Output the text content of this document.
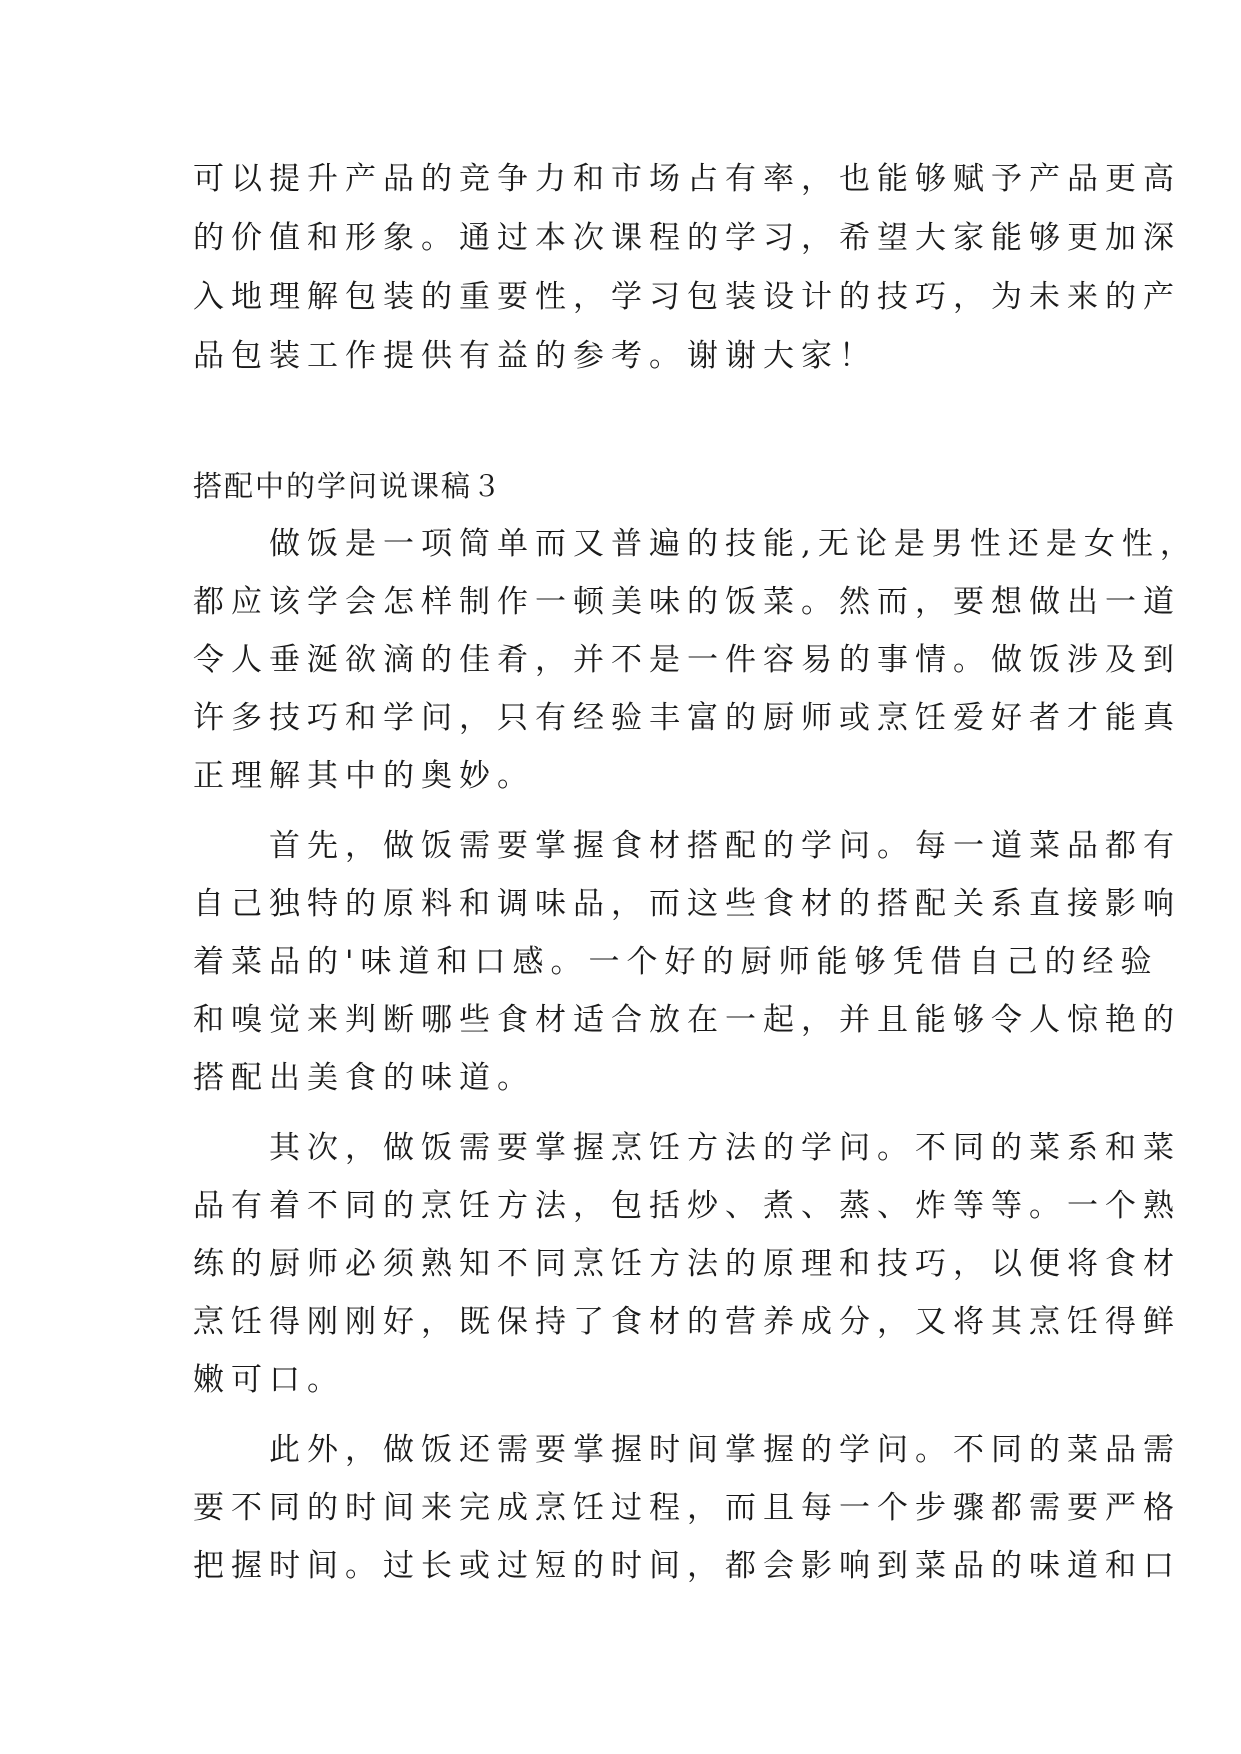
可以提升产品的竞争力和市场占有率，也能够赋予产品更高
的价值和形象。通过本次课程的学习，希望大家能够更加深
入地理解包装的重要性，学习包装设计的技巧，为未来的产
品包装工作提供有益的参考。谢谢大家！
搭配中的学问说课稿３
　　做饭是一项简单而又普遍的技能,无论是男性还是女性，
都应该学会怎样制作一顿美味的饭菜。然而，要想做出一道
令人垂涎欲滴的佳肴，并不是一件容易的事情。做饭涉及到
许多技巧和学问，只有经验丰富的厨师或烹饪爱好者才能真
正理解其中的奥妙。
　　首先，做饭需要掌握食材搭配的学问。每一道菜品都有
自己独特的原料和调味品，而这些食材的搭配关系直接影响
着菜品的'味道和口感。一个好的厨师能够凭借自己的经验
和嗅觉来判断哪些食材适合放在一起，并且能够令人惊艳的
搭配出美食的味道。
　　其次，做饭需要掌握烹饪方法的学问。不同的菜系和菜
品有着不同的烹饪方法，包括炒、煮、蒸、炸等等。一个熟
练的厨师必须熟知不同烹饪方法的原理和技巧，以便将食材
烹饪得刚刚好，既保持了食材的营养成分，又将其烹饪得鲜
嫩可口。
　　此外，做饭还需要掌握时间掌握的学问。不同的菜品需
要不同的时间来完成烹饪过程，而且每一个步骤都需要严格
把握时间。过长或过短的时间，都会影响到菜品的味道和口
